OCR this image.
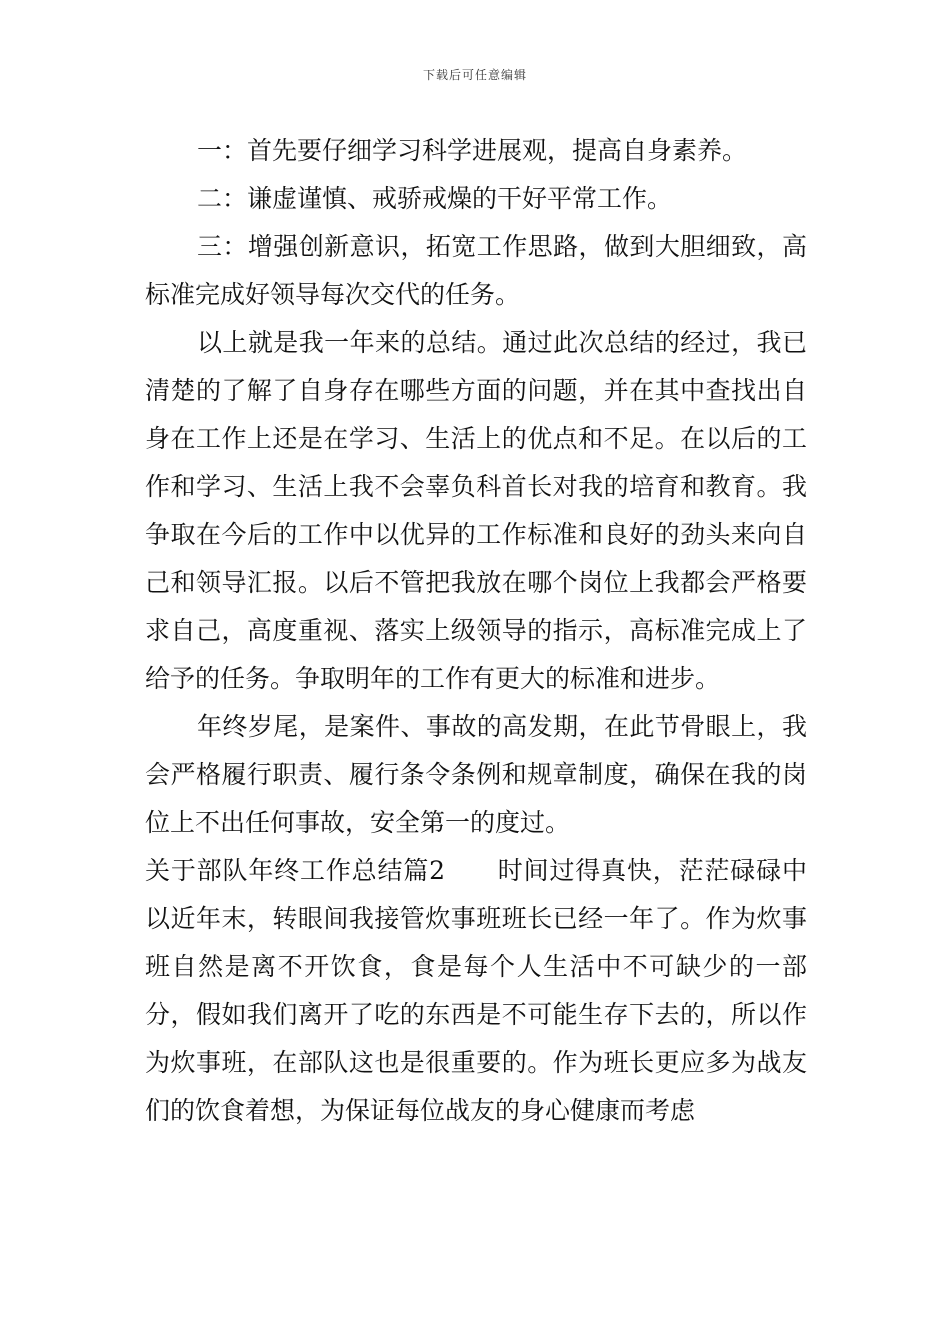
下载后可任意编辑

一：首先要仔细学习科学进展观，提高自身素养。

二：谦虚谨慎、戒骄戒燥的干好平常工作。

三：增强创新意识，拓宽工作思路，做到大胆细致，高标准完成好领导每次交代的任务。

以上就是我一年来的总结。通过此次总结的经过，我已清楚的了解了自身存在哪些方面的问题，并在其中查找出自身在工作上还是在学习、生活上的优点和不足。在以后的工作和学习、生活上我不会辜负科首长对我的培育和教育。我争取在今后的工作中以优异的工作标准和良好的劲头来向自己和领导汇报。以后不管把我放在哪个岗位上我都会严格要求自己，高度重视、落实上级领导的指示，高标准完成上了给予的任务。争取明年的工作有更大的标准和进步。

年终岁尾，是案件、事故的高发期，在此节骨眼上，我会严格履行职责、履行条令条例和规章制度，确保在我的岗位上不出任何事故，安全第一的度过。

关于部队年终工作总结篇2 时间过得真快，茫茫碌碌中以近年末，转眼间我接管炊事班班长已经一年了。作为炊事班自然是离不开饮食，食是每个人生活中不可缺少的一部分，假如我们离开了吃的东西是不可能生存下去的，所以作为炊事班，在部队这也是很重要的。作为班长更应多为战友们的饮食着想，为保证每位战友的身心健康而考虑
